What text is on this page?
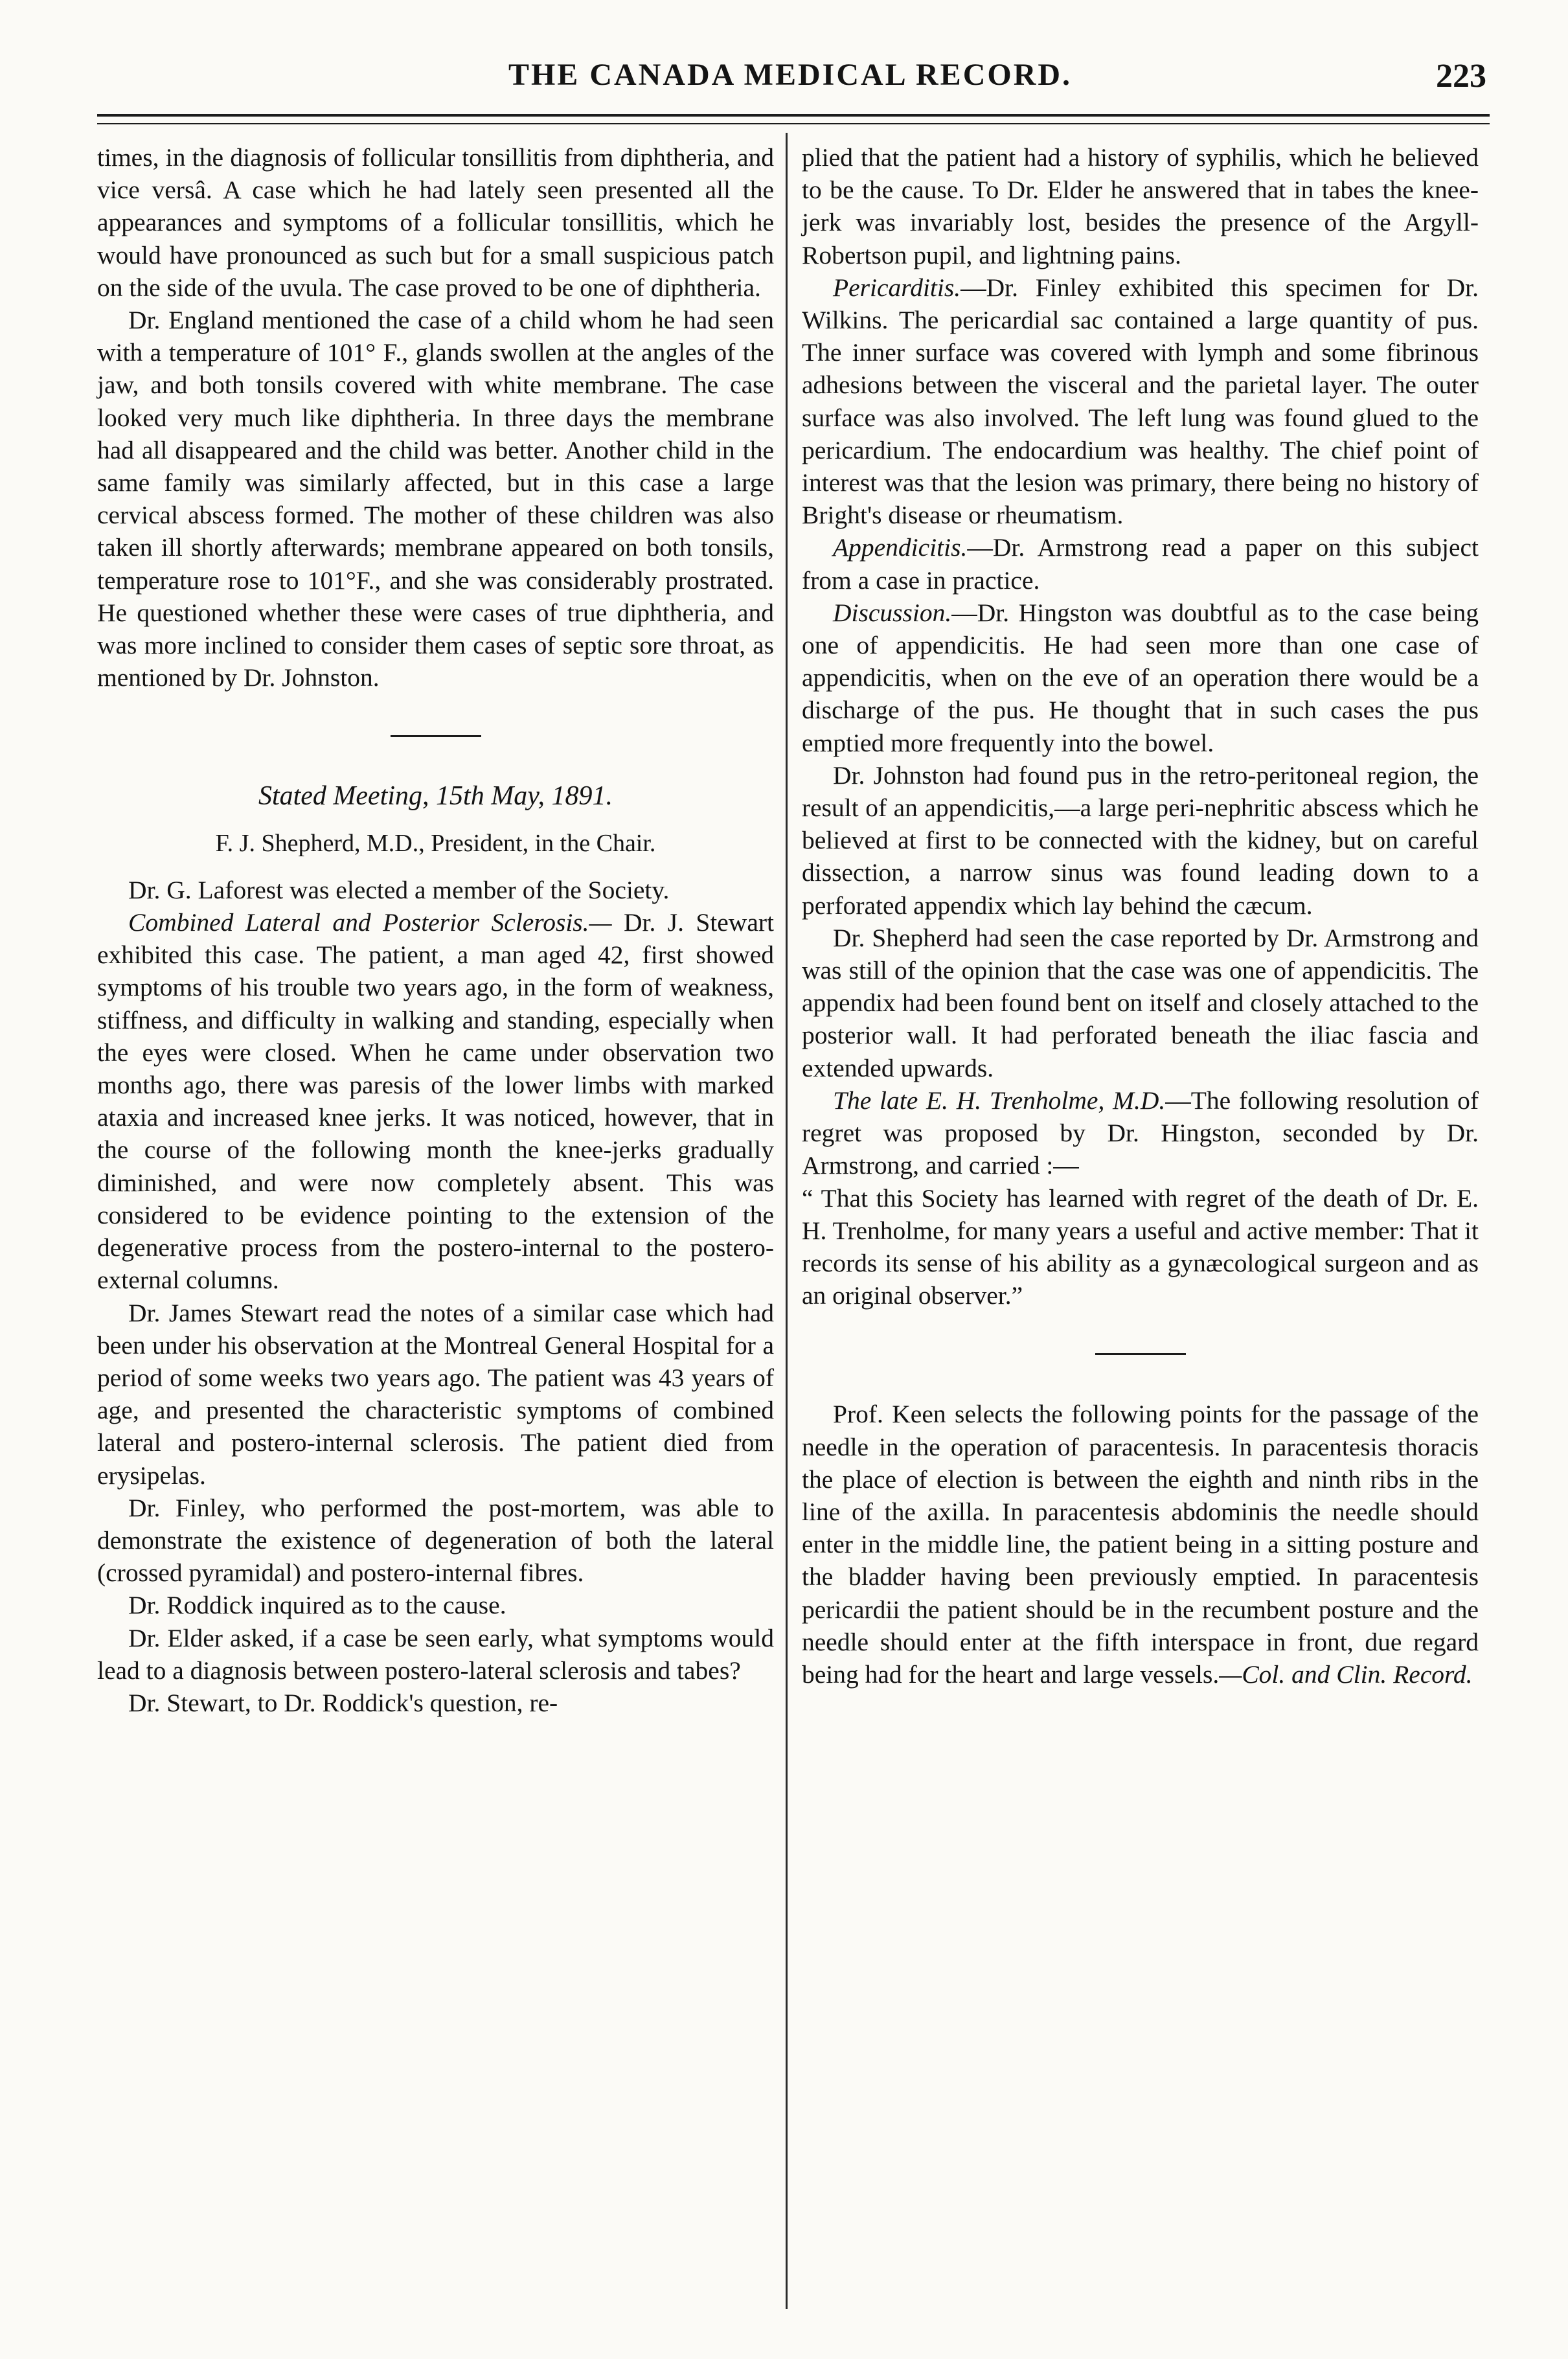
THE CANADA MEDICAL RECORD.	223

times, in the diagnosis of follicular tonsillitis from diphtheria, and vice versâ. A case which he had lately seen presented all the appearances and symptoms of a follicular tonsillitis, which he would have pronounced as such but for a small suspicious patch on the side of the uvula. The case proved to be one of diphtheria.

Dr. England mentioned the case of a child whom he had seen with a temperature of 101° F., glands swollen at the angles of the jaw, and both tonsils covered with white membrane. The case looked very much like diphtheria. In three days the membrane had all disappeared and the child was better. Another child in the same family was similarly affected, but in this case a large cervical abscess formed. The mother of these children was also taken ill shortly afterwards; membrane appeared on both tonsils, temperature rose to 101°F., and she was considerably prostrated. He questioned whether these were cases of true diphtheria, and was more inclined to consider them cases of septic sore throat, as mentioned by Dr. Johnston.

Stated Meeting, 15th May, 1891.
F. J. Shepherd, M.D., President, in the Chair.

Dr. G. Laforest was elected a member of the Society.

Combined Lateral and Posterior Sclerosis.— Dr. J. Stewart exhibited this case. The patient, a man aged 42, first showed symptoms of his trouble two years ago, in the form of weakness, stiffness, and difficulty in walking and standing, especially when the eyes were closed. When he came under observation two months ago, there was paresis of the lower limbs with marked ataxia and increased knee jerks. It was noticed, however, that in the course of the following month the knee-jerks gradually diminished, and were now completely absent. This was considered to be evidence pointing to the extension of the degenerative process from the postero-internal to the postero-external columns.

Dr. James Stewart read the notes of a similar case which had been under his observation at the Montreal General Hospital for a period of some weeks two years ago. The patient was 43 years of age, and presented the characteristic symptoms of combined lateral and postero-internal sclerosis. The patient died from erysipelas.

Dr. Finley, who performed the post-mortem, was able to demonstrate the existence of degeneration of both the lateral (crossed pyramidal) and postero-internal fibres.

Dr. Roddick inquired as to the cause.

Dr. Elder asked, if a case be seen early, what symptoms would lead to a diagnosis between postero-lateral sclerosis and tabes?

Dr. Stewart, to Dr. Roddick's question, re-

plied that the patient had a history of syphilis, which he believed to be the cause. To Dr. Elder he answered that in tabes the knee-jerk was invariably lost, besides the presence of the Argyll-Robertson pupil, and lightning pains.

Pericarditis.—Dr. Finley exhibited this specimen for Dr. Wilkins. The pericardial sac contained a large quantity of pus. The inner surface was covered with lymph and some fibrinous adhesions between the visceral and the parietal layer. The outer surface was also involved. The left lung was found glued to the pericardium. The endocardium was healthy. The chief point of interest was that the lesion was primary, there being no history of Bright's disease or rheumatism.

Appendicitis.—Dr. Armstrong read a paper on this subject from a case in practice.

Discussion.—Dr. Hingston was doubtful as to the case being one of appendicitis. He had seen more than one case of appendicitis, when on the eve of an operation there would be a discharge of the pus. He thought that in such cases the pus emptied more frequently into the bowel.

Dr. Johnston had found pus in the retro-peritoneal region, the result of an appendicitis,—a large peri-nephritic abscess which he believed at first to be connected with the kidney, but on careful dissection, a narrow sinus was found leading down to a perforated appendix which lay behind the cæcum.

Dr. Shepherd had seen the case reported by Dr. Armstrong and was still of the opinion that the case was one of appendicitis. The appendix had been found bent on itself and closely attached to the posterior wall. It had perforated beneath the iliac fascia and extended upwards.

The late E. H. Trenholme, M.D.—The following resolution of regret was proposed by Dr. Hingston, seconded by Dr. Armstrong, and carried :—

“ That this Society has learned with regret of the death of Dr. E. H. Trenholme, for many years a useful and active member: That it records its sense of his ability as a gynæcological surgeon and as an original observer.”

Prof. Keen selects the following points for the passage of the needle in the operation of paracentesis. In paracentesis thoracis the place of election is between the eighth and ninth ribs in the line of the axilla. In paracentesis abdominis the needle should enter in the middle line, the patient being in a sitting posture and the bladder having been previously emptied. In paracentesis pericardii the patient should be in the recumbent posture and the needle should enter at the fifth interspace in front, due regard being had for the heart and large vessels.—Col. and Clin. Record.
